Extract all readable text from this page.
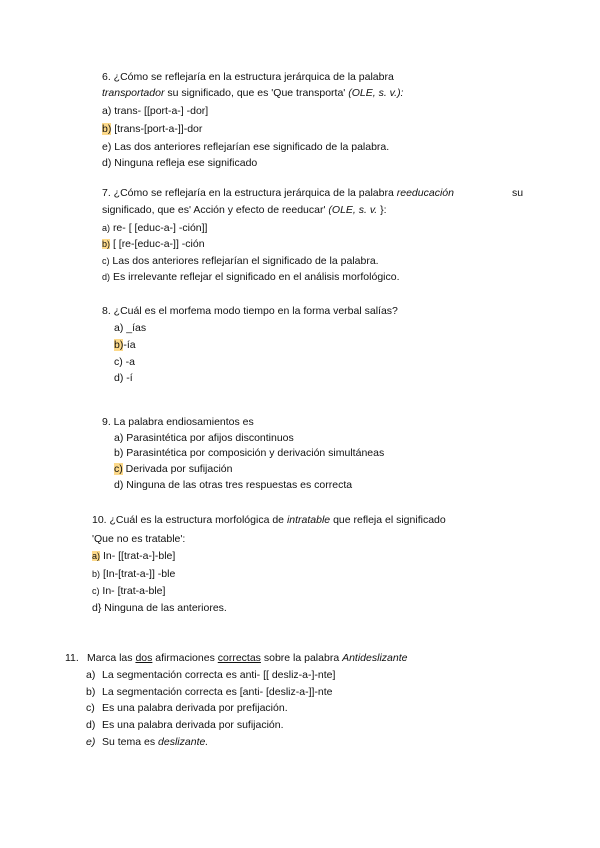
6. ¿Cómo se reflejaría en la estructura jerárquica de la palabra
transportador su significado, que es 'Que transporta' (OLE, s. v.):
a) trans- [[port-a-] -dor]
b) [trans-[port-a-]]-dor
e) Las dos anteriores reflejarían ese significado de la palabra.
d) Ninguna refleja ese significado
7. ¿Cómo se reflejaría en la estructura jerárquica de la palabra reeducación	su
significado, que es' Acción y efecto de reeducar' (OLE, s. v. }:
a) re- [ [educ-a-] -ción]]
b) [ [re-[educ-a-]] -ción
c) Las dos anteriores reflejarían el significado de la palabra.
d) Es irrelevante reflejar el significado en el análisis morfológico.
8. ¿Cuál es el morfema modo tiempo en la forma verbal salías?
a) _ías
b)-ía
c) -a
d) -í
9. La palabra endiosamientos es
a) Parasintética por afijos discontinuos
b) Parasintética por composición y derivación simultáneas
c) Derivada por sufijación
d) Ninguna de las otras tres respuestas es correcta
10. ¿Cuál es la estructura morfológica de intratable que refleja el significado
'Que no es tratable':
a) In- [[trat-a-]-ble]
b) [In-[trat-a-]] -ble
c) In- [trat-a-ble]
d} Ninguna de las anteriores.
11. Marca las dos afirmaciones correctas sobre la palabra Antideslizante
a) La segmentación correcta es anti- [[ desliz-a-]-nte]
b) La segmentación correcta es [anti- [desliz-a-]]-nte
c) Es una palabra derivada por prefijación.
d) Es una palabra derivada por sufijación.
e) Su tema es deslizante.
